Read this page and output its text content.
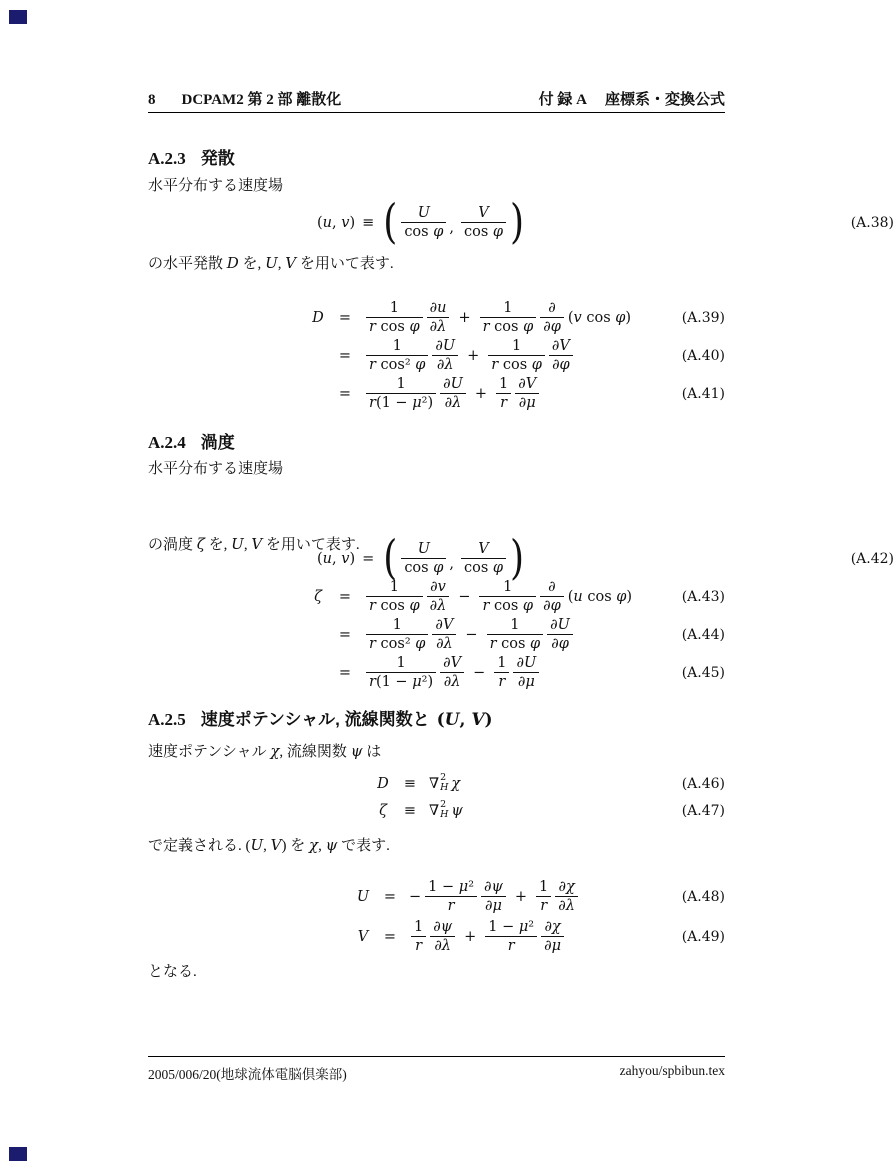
8 DCPAM2 第 2 部 離散化	付 録 A 座標系・変換公式
A.2.3 発散
水平分布する速度場
(u, v) ≡ ( $\frac{U}{\text{cos φ}}$ , $\frac{V}{\text{cos φ}}$ )	(A.38)
の水平発散 D を, U, V を用いて表す.
D	=	$\frac{1}{\text{r cos φ}} \frac{\partial u}{\partial\lambda} + \frac{1}{\text{r cos φ}} \frac{\partial}{\partial\varphi} (v$ cos φ)	(A.39)
=	$\frac{1}{\text{r cos² φ}} \frac{\partial U}{\partial\lambda} + \frac{1}{\text{r cos φ}} \frac{\partial V}{\partial\varphi}$	(A.40)
=	$\frac{1}{\text{r(1 − μ²)}} \frac{\partial U}{\partial\lambda} + \frac{1}{r} \frac{\partial V}{\partial\mu}$	(A.41)
A.2.4 渦度
水平分布する速度場
(u, v) = ( $\frac{U}{\text{cos φ}}$ , $\frac{V}{\text{cos φ}}$ )	(A.42)
の渦度 ζ を, U, V を用いて表す.
ζ	=	$\frac{1}{\text{r cos φ}} \frac{\partial v}{\partial\lambda} - \frac{1}{\text{r cos φ}} \frac{\partial}{\partial\varphi} (u$ cos φ)	(A.43)
=	$\frac{1}{\text{r cos² φ}} \frac{\partial V}{\partial\lambda} - \frac{1}{\text{r cos φ}} \frac{\partial U}{\partial\varphi}$	(A.44)
=	$\frac{1}{\text{r(1 − μ²)}} \frac{\partial V}{\partial\lambda} - \frac{1}{r} \frac{\partial U}{\partial\mu}$	(A.45)
A.2.5 速度ポテンシャル, 流線関数と (U, V)
速度ポテンシャル χ, 流線関数 ψ は
D	≡ ∇ 2
H χ	(A.46)
ζ	≡ ∇ 2
H ψ	(A.47)
で定義される. (U, V) を χ, ψ で表す.
U	= − $\frac{\text{1 − μ²}}{r} \frac{\partial\psi}{\partial\mu} + \frac{1}{r} \frac{\partial\chi}{\partial\lambda}$	(A.48)
V	=	$\frac{1}{r} \frac{\partial\psi}{\partial\lambda} + \frac{\text{1 − μ²}}{r} \frac{\partial\chi}{\partial\mu}$	(A.49)
となる.
2005/006/20(地球流体電脳倶楽部)	zahyou/spbibun.tex
